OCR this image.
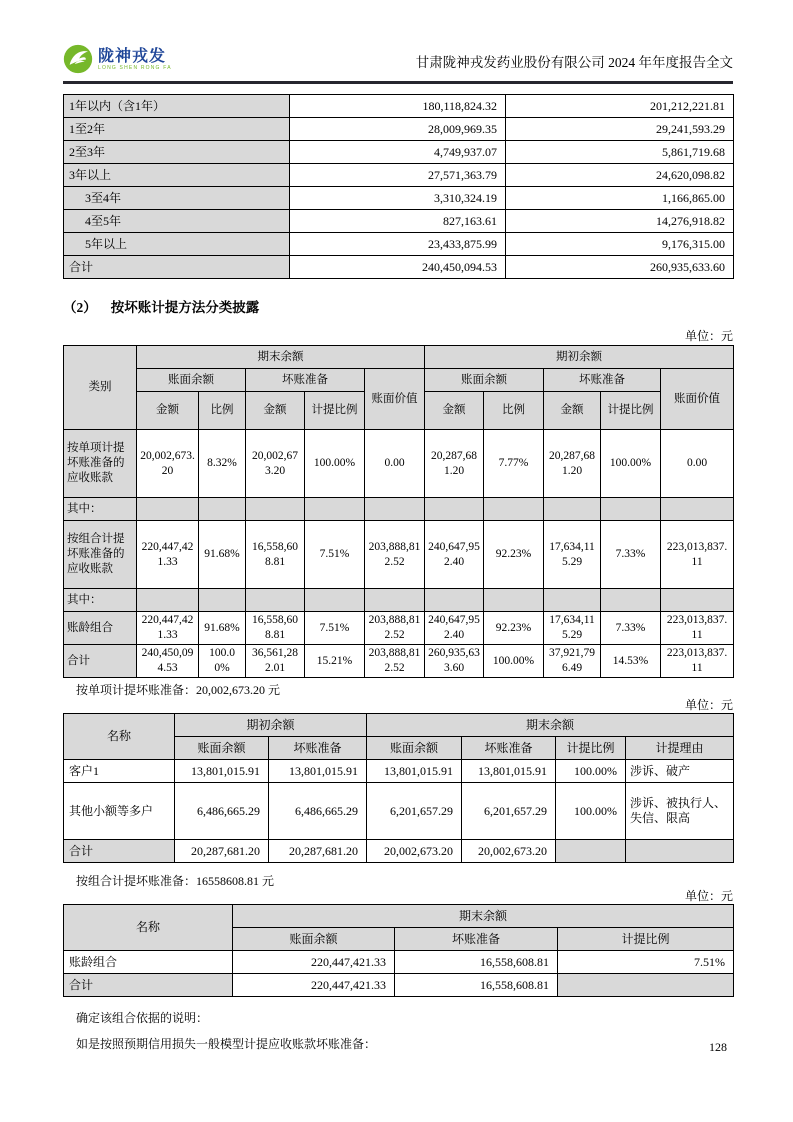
陇神戎发
LONG SHEN RONG FA	甘肃陇神戎发药业股份有限公司 2024 年年度报告全文
1年以内（含1年）	180,118,824.32	201,212,221.81
1至2年	28,009,969.35	29,241,593.29
2至3年	4,749,937.07	5,861,719.68
3年以上	27,571,363.79	24,620,098.82
3至4年	3,310,324.19	1,166,865.00
4至5年	827,163.61	14,276,918.82
5年以上	23,433,875.99	9,176,315.00
合计	240,450,094.53	260,935,633.60
（2） 按坏账计提方法分类披露
单位：元
类别	期末余额					期初余额				
	账面余额		坏账准备		账面价值	账面余额		坏账准备		账面价值
	金额	比例	金额	计提比例		金额	比例	金额	计提比例	
按单项计提坏账准备的应收账款	20,002,673.20	8.32%	20,002,673.20	100.00%	0.00	20,287,681.20	7.77%	20,287,681.20	100.00%	0.00
其中：										
按组合计提坏账准备的应收账款	220,447,421.33	91.68%	16,558,608.81	7.51%	203,888,812.52	240,647,952.40	92.23%	17,634,115.29	7.33%	223,013,837.11
其中：										
账龄组合	220,447,421.33	91.68%	16,558,608.81	7.51%	203,888,812.52	240,647,952.40	92.23%	17,634,115.29	7.33%	223,013,837.11
合计	240,450,094.53	100.00%	36,561,282.01	15.21%	203,888,812.52	260,935,633.60	100.00%	37,921,796.49	14.53%	223,013,837.11

按单项计提坏账准备：20,002,673.20 元

单位：元
名称	期初余额		期末余额			
	账面余额	坏账准备	账面余额	坏账准备	计提比例	计提理由
客户1	13,801,015.91	13,801,015.91	13,801,015.91	13,801,015.91	100.00%	涉诉、破产
其他小额等多户	6,486,665.29	6,486,665.29	6,201,657.29	6,201,657.29	100.00%	涉诉、被执行人、失信、限高
合计	20,287,681.20	20,287,681.20	20,002,673.20	20,002,673.20		

按组合计提坏账准备：16558608.81 元

单位：元
名称	期末余额		
	账面余额	坏账准备	计提比例
账龄组合	220,447,421.33	16,558,608.81	7.51%
合计	220,447,421.33	16,558,608.81	

确定该组合依据的说明：

如是按照预期信用损失一般模型计提应收账款坏账准备：	128
